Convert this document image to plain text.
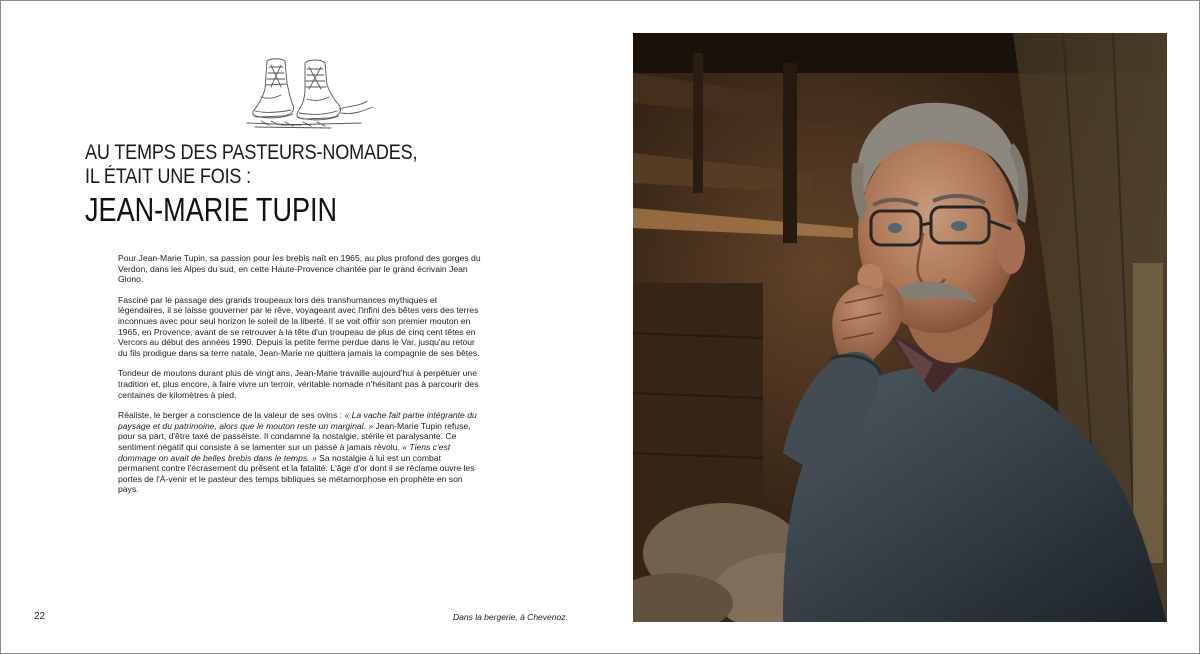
AU TEMPS DES PASTEURS-NOMADES,
IL ÉTAIT UNE FOIS :
JEAN-MARIE TUPIN

Pour Jean-Marie Tupin, sa passion pour les brebis naît en 1965, au plus profond des gorges du Verdon, dans les Alpes du sud, en cette Haute-Provence chantée par le grand écrivain Jean Giono.

Fasciné par le passage des grands troupeaux lors des transhumances mythiques et légendaires, il se laisse gouverner par le rêve, voyageant avec l'infini des bêtes vers des terres inconnues avec pour seul horizon le soleil de la liberté. Il se voit offrir son premier mouton en 1965, en Provence, avant de se retrouver à la tête d'un troupeau de plus de cinq cent têtes en Vercors au début des années 1990. Depuis la petite ferme perdue dans le Var, jusqu'au retour du fils prodigue dans sa terre natale, Jean-Marie ne quittera jamais la compagnie de ses bêtes.

Tondeur de moutons durant plus de vingt ans, Jean-Marie travaille aujourd'hui à perpétuer une tradition et, plus encore, à faire vivre un terroir, véritable nomade n'hésitant pas à parcourir des centaines de kilomètres à pied.

Réaliste, le berger a conscience de la valeur de ses ovins : « La vache fait partie intégrante du paysage et du patrimoine, alors que le mouton reste un marginal. » Jean-Marie Tupin refuse, pour sa part, d'être taxé de passéiste. Il condamne la nostalgie, stérile et paralysante. Ce sentiment négatif qui consiste à se lamenter sur un passé à jamais révolu. « Tiens c'est dommage on avait de belles brebis dans le temps. » Sa nostalgie à lui est un combat permanent contre l'écrasement du présent et la fatalité. L'âge d'or dont il se réclame ouvre les portes de l'À-venir et le pasteur des temps bibliques se métamorphose en prophète en son pays.

22	Dans la bergerie, à Chevenoz.
